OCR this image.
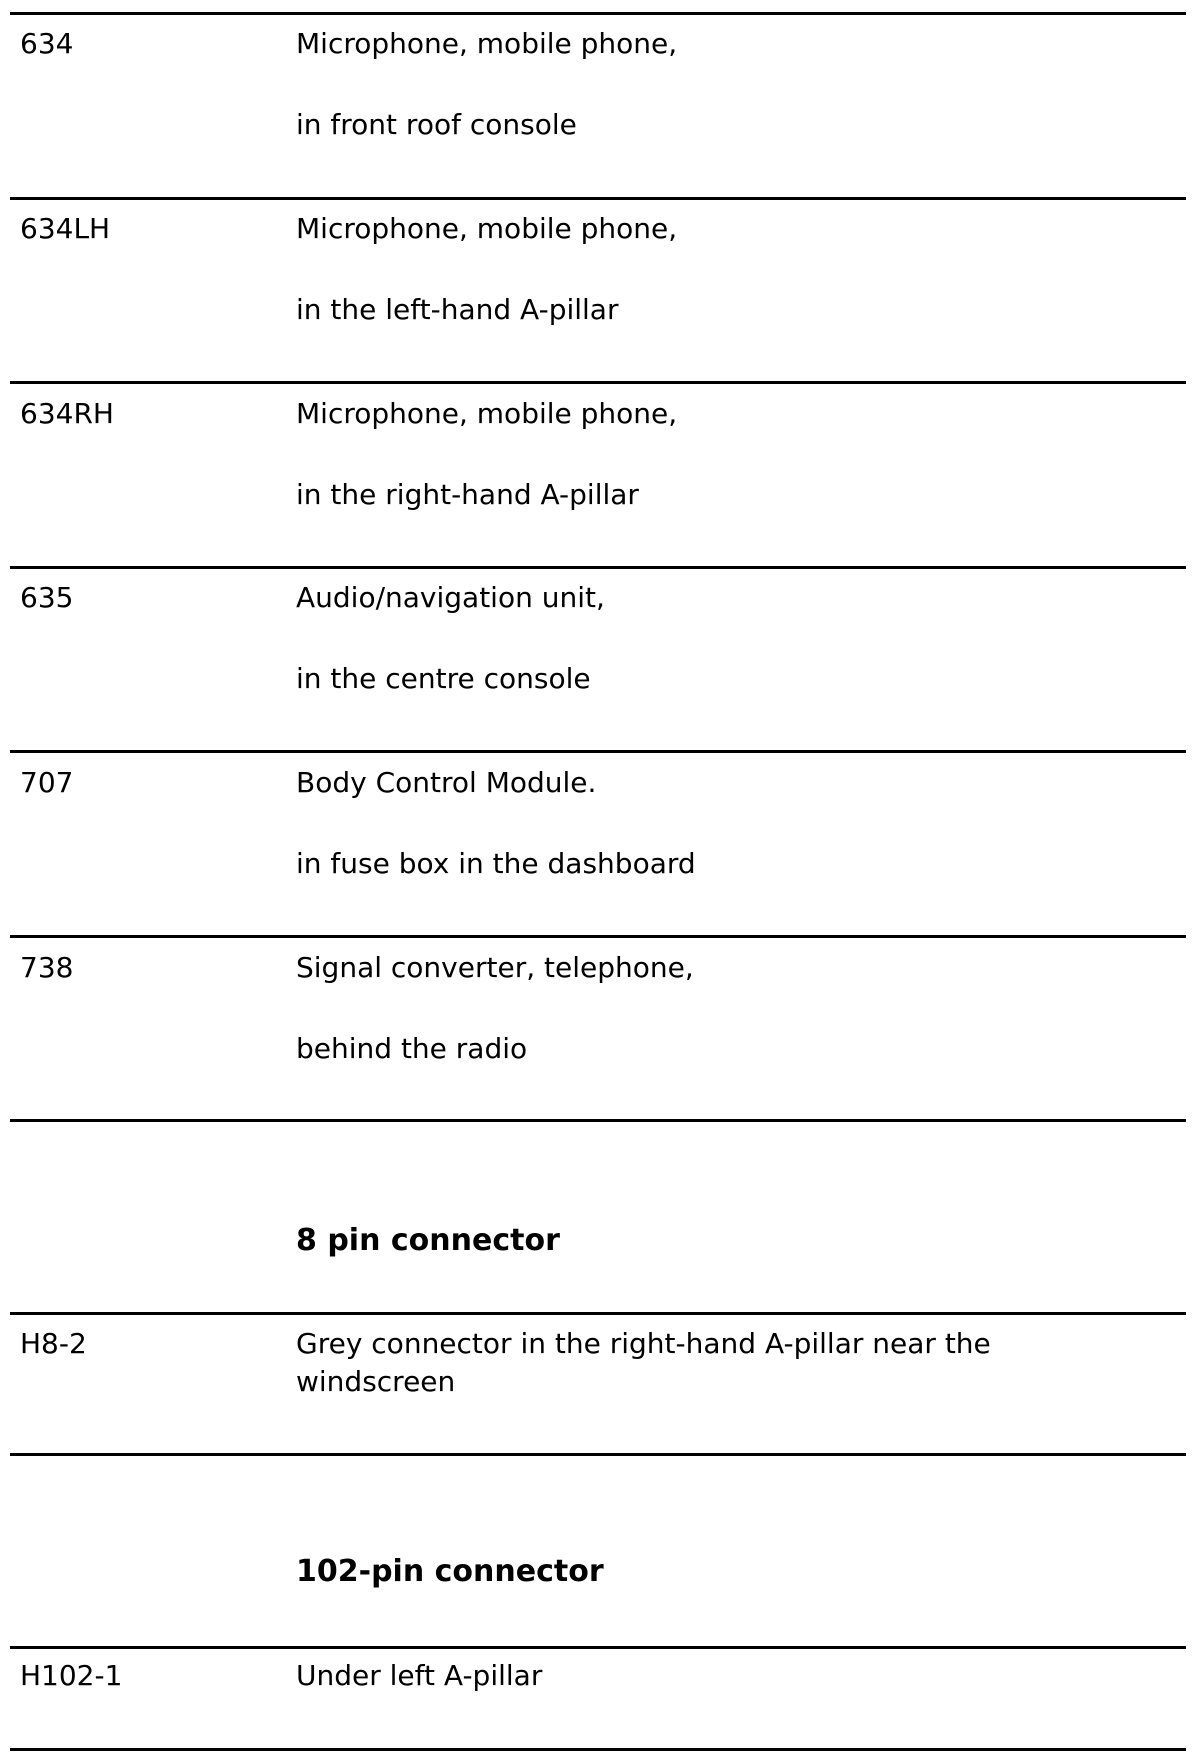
634	Microphone, mobile phone,
in front roof console
634LH	Microphone, mobile phone,
in the left-hand A-pillar
634RH	Microphone, mobile phone,
in the right-hand A-pillar
635	Audio/navigation unit,
in the centre console
707	Body Control Module.
in fuse box in the dashboard
738	Signal converter, telephone,
behind the radio
8 pin connector
H8-2	Grey connector in the right-hand A-pillar near the windscreen
102-pin connector
H102-1	Under left A-pillar
